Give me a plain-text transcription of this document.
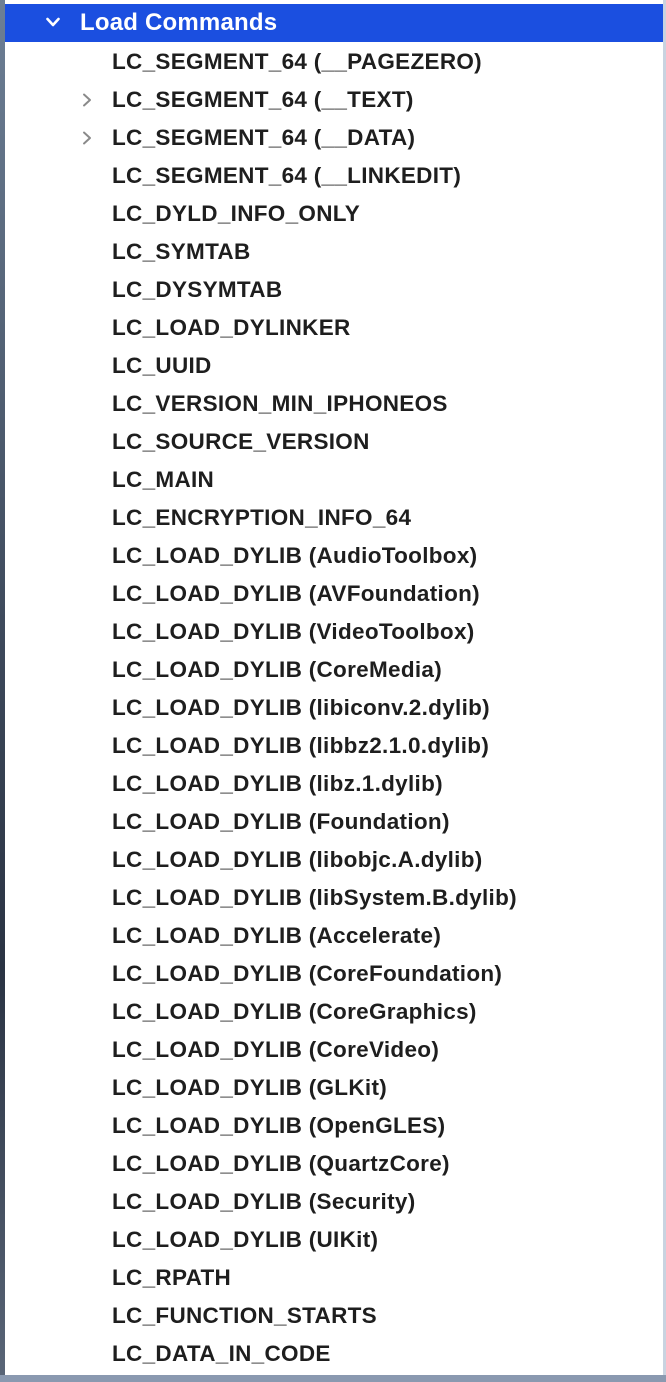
Load Commands
LC_SEGMENT_64 (__PAGEZERO)
LC_SEGMENT_64 (__TEXT)
LC_SEGMENT_64 (__DATA)
LC_SEGMENT_64 (__LINKEDIT)
LC_DYLD_INFO_ONLY
LC_SYMTAB
LC_DYSYMTAB
LC_LOAD_DYLINKER
LC_UUID
LC_VERSION_MIN_IPHONEOS
LC_SOURCE_VERSION
LC_MAIN
LC_ENCRYPTION_INFO_64
LC_LOAD_DYLIB (AudioToolbox)
LC_LOAD_DYLIB (AVFoundation)
LC_LOAD_DYLIB (VideoToolbox)
LC_LOAD_DYLIB (CoreMedia)
LC_LOAD_DYLIB (libiconv.2.dylib)
LC_LOAD_DYLIB (libbz2.1.0.dylib)
LC_LOAD_DYLIB (libz.1.dylib)
LC_LOAD_DYLIB (Foundation)
LC_LOAD_DYLIB (libobjc.A.dylib)
LC_LOAD_DYLIB (libSystem.B.dylib)
LC_LOAD_DYLIB (Accelerate)
LC_LOAD_DYLIB (CoreFoundation)
LC_LOAD_DYLIB (CoreGraphics)
LC_LOAD_DYLIB (CoreVideo)
LC_LOAD_DYLIB (GLKit)
LC_LOAD_DYLIB (OpenGLES)
LC_LOAD_DYLIB (QuartzCore)
LC_LOAD_DYLIB (Security)
LC_LOAD_DYLIB (UIKit)
LC_RPATH
LC_FUNCTION_STARTS
LC_DATA_IN_CODE
